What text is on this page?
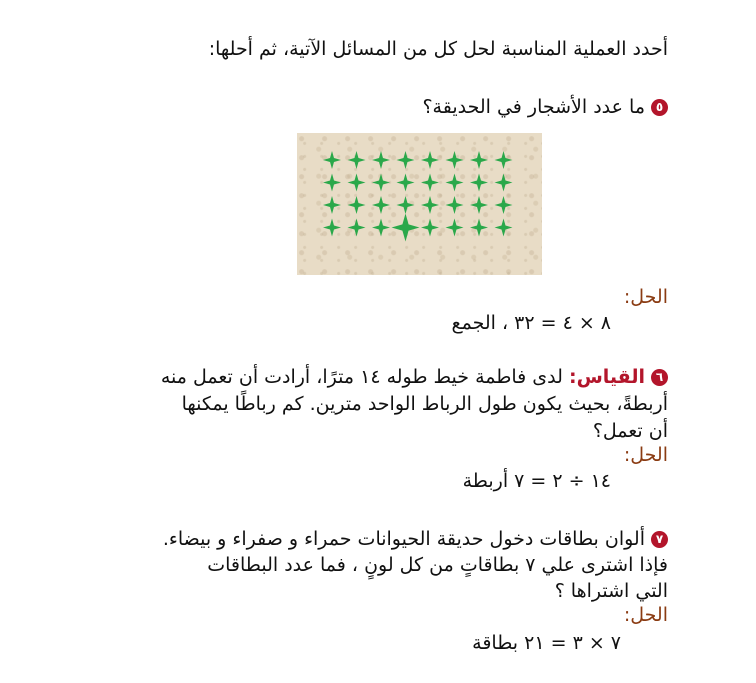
أحدد العملية المناسبة لحل كل من المسائل الآتية، ثم أحلها:
٥ما عدد الأشجار في الحديقة؟
الحل:
٨ × ٤ = ٣٢ ، الجمع
٦القياس: لدى فاطمة خيط طوله ١٤ مترًا، أرادت أن تعمل منه
أربطةً، بحيث يكون طول الرباط الواحد مترين. كم رباطًا يمكنها
أن تعمل؟
الحل:
١٤ ÷ ٢ = ٧ أربطة
٧ألوان بطاقات دخول حديقة الحيوانات حمراء و صفراء و بيضاء.
فإذا اشترى علي ٧ بطاقاتٍ من كل لونٍ ، فما عدد البطاقات
التي اشتراها ؟
الحل:
٧ × ٣ = ٢١ بطاقة
